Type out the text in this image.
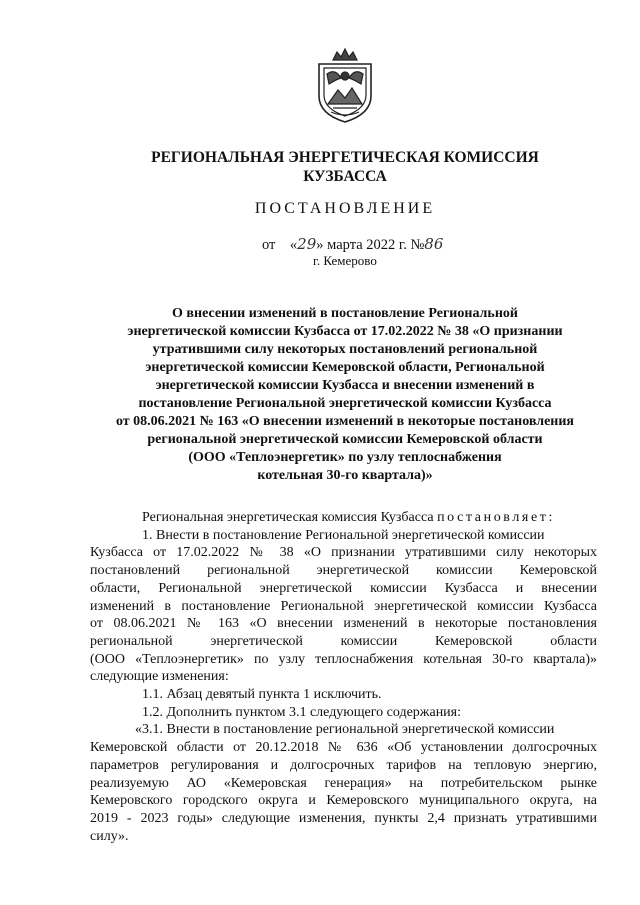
РЕГИОНАЛЬНАЯ ЭНЕРГЕТИЧЕСКАЯ КОМИССИЯ
КУЗБАССА
ПОСТАНОВЛЕНИЕ
от «29» марта 2022 г. №86
г. Кемерово
О внесении изменений в постановление Региональной
энергетической комиссии Кузбасса от 17.02.2022 № 38 «О признании
утратившими силу некоторых постановлений региональной
энергетической комиссии Кемеровской области, Региональной
энергетической комиссии Кузбасса и внесении изменений в
постановление Региональной энергетической комиссии Кузбасса
от 08.06.2021 № 163 «О внесении изменений в некоторые постановления
региональной энергетической комиссии Кемеровской области
(ООО «Теплоэнергетик» по узлу теплоснабжения
котельная 30-го квартала)»
Региональная энергетическая комиссия Кузбасса постановляет:
1. Внести в постановление Региональной энергетической комиссии
Кузбасса от 17.02.2022 № 38 «О признании утратившими силу некоторых
постановлений региональной энергетической комиссии Кемеровской
области, Региональной энергетической комиссии Кузбасса и внесении
изменений в постановление Региональной энергетической комиссии Кузбасса
от 08.06.2021 № 163 «О внесении изменений в некоторые постановления
региональной энергетической комиссии Кемеровской области
(ООО «Теплоэнергетик» по узлу теплоснабжения котельная 30-го квартала)»
следующие изменения:
1.1. Абзац девятый пункта 1 исключить.
1.2. Дополнить пунктом 3.1 следующего содержания:
«3.1. Внести в постановление региональной энергетической комиссии
Кемеровской области от 20.12.2018 № 636 «Об установлении долгосрочных
параметров регулирования и долгосрочных тарифов на тепловую энергию,
реализуемую АО «Кемеровская генерация» на потребительском рынке
Кемеровского городского округа и Кемеровского муниципального округа, на
2019 - 2023 годы» следующие изменения, пункты 2,4 признать утратившими
силу».
